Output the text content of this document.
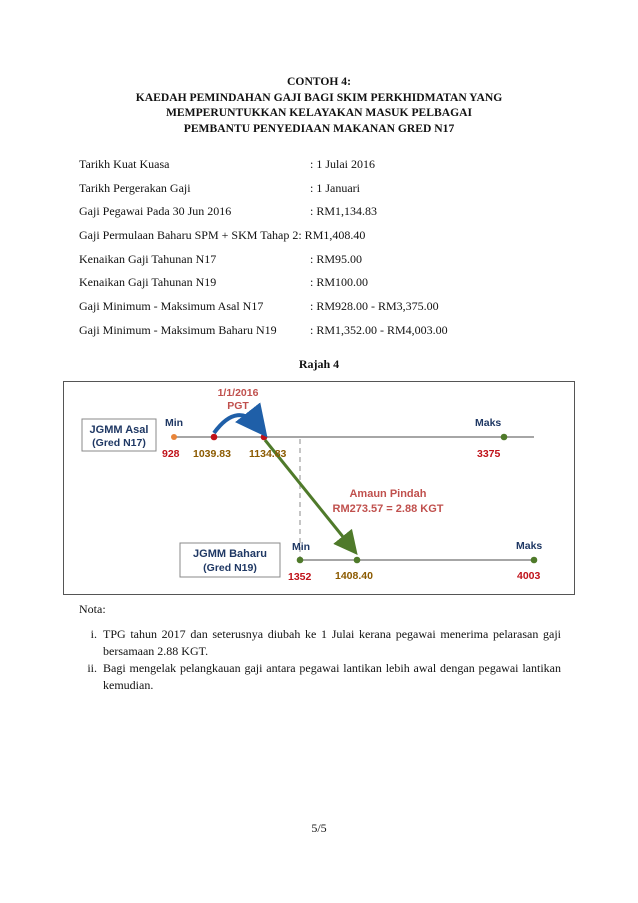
CONTOH 4:
KAEDAH PEMINDAHAN GAJI BAGI SKIM PERKHIDMATAN YANG
MEMPERUNTUKKAN KELAYAKAN MASUK PELBAGAI
PEMBANTU PENYEDIAAN MAKANAN GRED N17
Tarikh Kuat Kuasa	: 1 Julai 2016
Tarikh Pergerakan Gaji	: 1 Januari
Gaji Pegawai Pada 30 Jun 2016	: RM1,134.83
Gaji Permulaan Baharu SPM + SKM Tahap 2: RM1,408.40
Kenaikan Gaji Tahunan N17	: RM95.00
Kenaikan Gaji Tahunan N19	: RM100.00
Gaji Minimum - Maksimum Asal N17	: RM928.00 - RM3,375.00
Gaji Minimum - Maksimum Baharu N19	: RM1,352.00 - RM4,003.00
Rajah 4
JGMM Asal
(Gred N17)
JGMM Baharu
(Gred N19)
1/1/2016
PGT
Min	Maks
Min	Maks
928 1039.83 1134.83	3375
1352 1408.40	4003
Amaun Pindah
RM273.57 = 2.88 KGT
Nota:
i. TPG tahun 2017 dan seterusnya diubah ke 1 Julai kerana pegawai menerima pelarasan gaji bersamaan 2.88 KGT.
ii. Bagi mengelak pelangkauan gaji antara pegawai lantikan lebih awal dengan pegawai lantikan kemudian.
5/5
